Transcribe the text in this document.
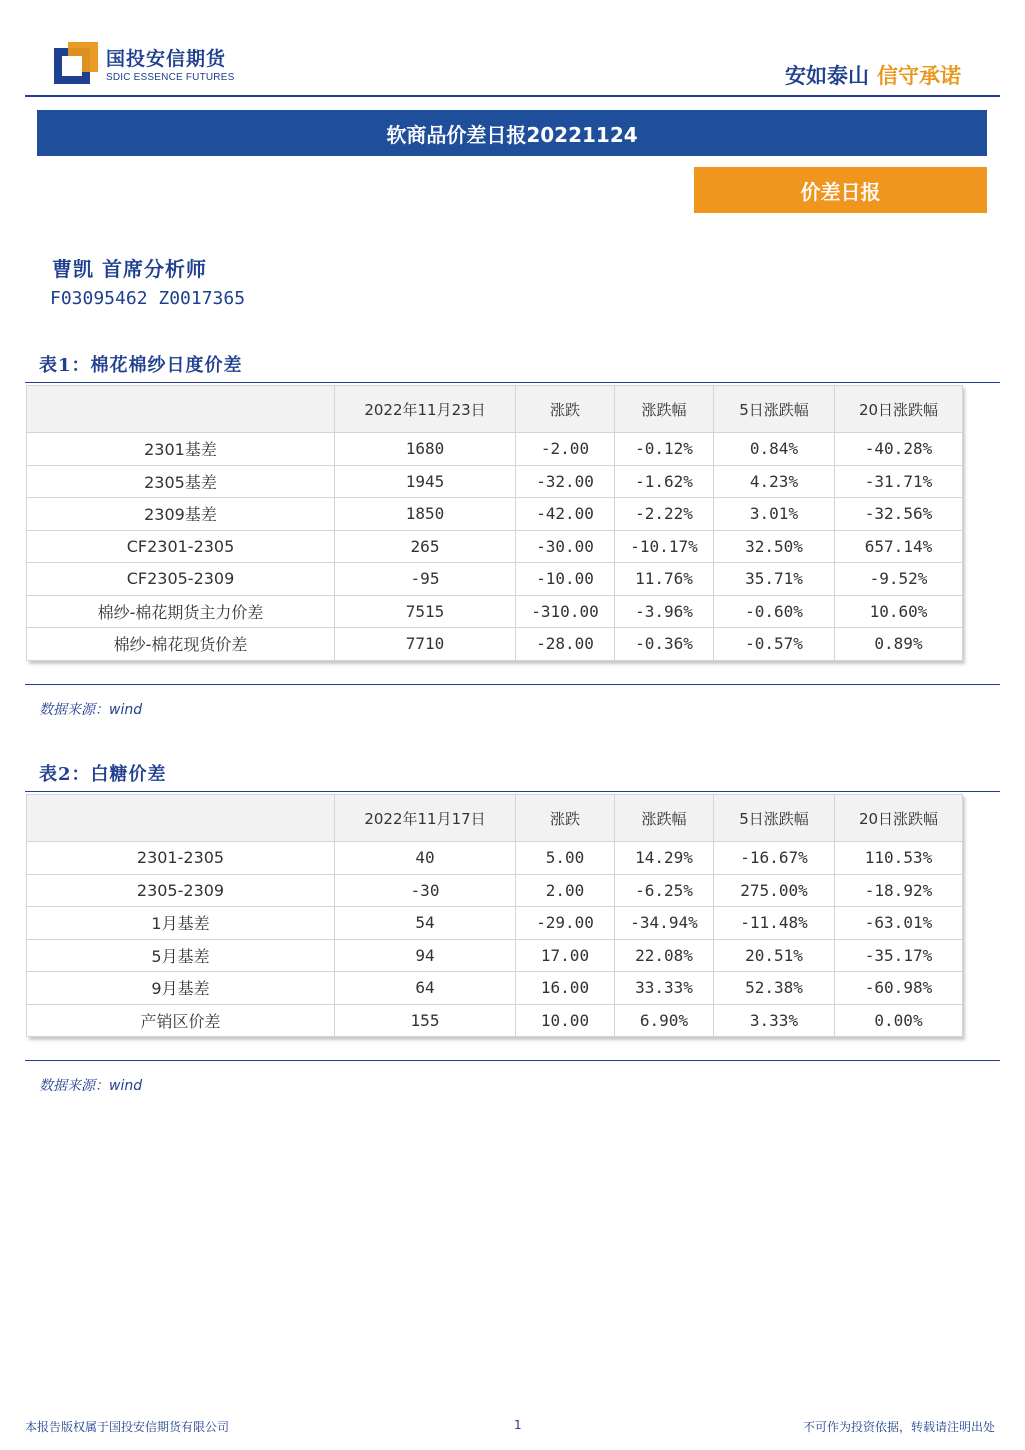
国投安信期货
SDIC ESSENCE FUTURES	安如泰山 信守承诺
软商品价差日报20221124
价差日报
曹凯 首席分析师
F03095462 Z0017365
表1：棉花棉纱日度价差
	2022年11月23日	涨跌	涨跌幅	5日涨跌幅	20日涨跌幅
2301基差	1680	-2.00	-0.12%	0.84%	-40.28%
2305基差	1945	-32.00	-1.62%	4.23%	-31.71%
2309基差	1850	-42.00	-2.22%	3.01%	-32.56%
CF2301-2305	265	-30.00	-10.17%	32.50%	657.14%
CF2305-2309	-95	-10.00	11.76%	35.71%	-9.52%
棉纱-棉花期货主力价差	7515	-310.00	-3.96%	-0.60%	10.60%
棉纱-棉花现货价差	7710	-28.00	-0.36%	-0.57%	0.89%
数据来源：wind
表2：白糖价差
	2022年11月17日	涨跌	涨跌幅	5日涨跌幅	20日涨跌幅
2301-2305	40	5.00	14.29%	-16.67%	110.53%
2305-2309	-30	2.00	-6.25%	275.00%	-18.92%
1月基差	54	-29.00	-34.94%	-11.48%	-63.01%
5月基差	94	17.00	22.08%	20.51%	-35.17%
9月基差	64	16.00	33.33%	52.38%	-60.98%
产销区价差	155	10.00	6.90%	3.33%	0.00%
数据来源：wind
本报告版权属于国投安信期货有限公司	1	不可作为投资依据，转载请注明出处
